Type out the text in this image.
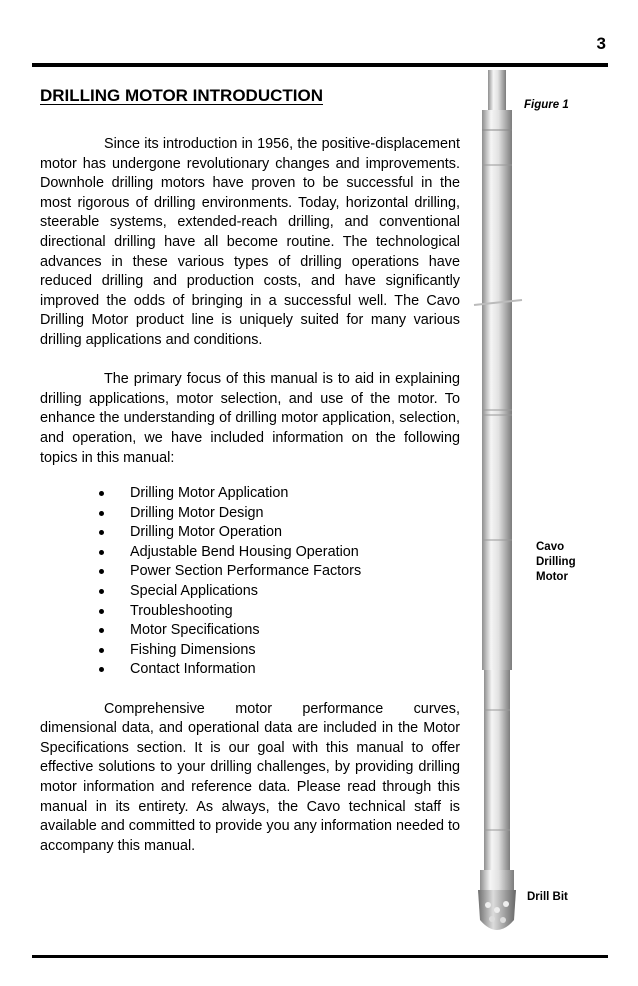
3
DRILLING MOTOR INTRODUCTION

Since its introduction in 1956, the positive-displacement motor has undergone revolutionary changes and improvements. Downhole drilling motors have proven to be successful in the most rigorous of drilling environments. Today, horizontal drilling, steerable systems, extended-reach drilling, and conventional directional drilling have all become routine. The technological advances in these various types of drilling operations have reduced drilling and production costs, and have significantly improved the odds of bringing in a successful well. The Cavo Drilling Motor product line is uniquely suited for many various drilling applications and conditions.

The primary focus of this manual is to aid in explaining drilling applications, motor selection, and use of the motor. To enhance the understanding of drilling motor application, selection, and operation, we have included information on the following topics in this manual:

Drilling Motor Application
Drilling Motor Design
Drilling Motor Operation
Adjustable Bend Housing Operation
Power Section Performance Factors
Special Applications
Troubleshooting
Motor Specifications
Fishing Dimensions
Contact Information

Comprehensive motor performance curves, dimensional data, and operational data are included in the Motor Specifications section. It is our goal with this manual to offer effective solutions to your drilling challenges, by providing drilling motor information and reference data. Please read through this manual in its entirety. As always, the Cavo technical staff is available and committed to provide you any information needed to accompany this manual.

Figure 1
Cavo
Drilling
Motor
Drill Bit
